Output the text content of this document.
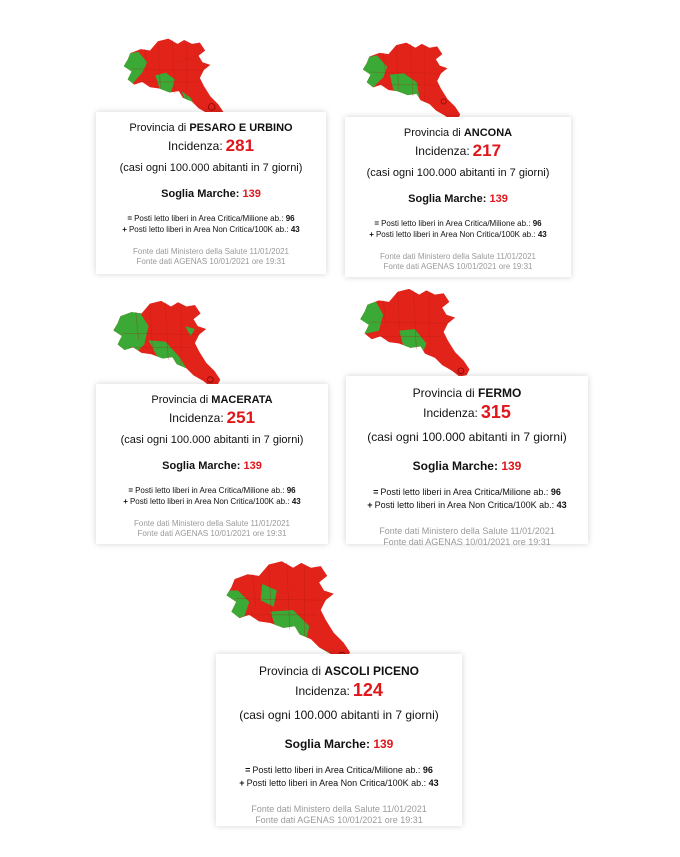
Provincia di PESARO E URBINO
Incidenza: 281
(casi ogni 100.000 abitanti in 7 giorni)
Soglia Marche: 139
= Posti letto liberi in Area Critica/Milione ab.: 96
+ Posti letto liberi in Area Non Critica/100K ab.: 43
Fonte dati Ministero della Salute 11/01/2021
Fonte dati AGENAS 10/01/2021 ore 19:31
Provincia di ANCONA
Incidenza: 217
(casi ogni 100.000 abitanti in 7 giorni)
Soglia Marche: 139
= Posti letto liberi in Area Critica/Milione ab.: 96
+ Posti letto liberi in Area Non Critica/100K ab.: 43
Fonte dati Ministero della Salute 11/01/2021
Fonte dati AGENAS 10/01/2021 ore 19:31
Provincia di MACERATA
Incidenza: 251
(casi ogni 100.000 abitanti in 7 giorni)
Soglia Marche: 139
= Posti letto liberi in Area Critica/Milione ab.: 96
+ Posti letto liberi in Area Non Critica/100K ab.: 43
Fonte dati Ministero della Salute 11/01/2021
Fonte dati AGENAS 10/01/2021 ore 19:31
Provincia di FERMO
Incidenza: 315
(casi ogni 100.000 abitanti in 7 giorni)
Soglia Marche: 139
= Posti letto liberi in Area Critica/Milione ab.: 96
+ Posti letto liberi in Area Non Critica/100K ab.: 43
Fonte dati Ministero della Salute 11/01/2021
Fonte dati AGENAS 10/01/2021 ore 19:31
Provincia di ASCOLI PICENO
Incidenza: 124
(casi ogni 100.000 abitanti in 7 giorni)
Soglia Marche: 139
= Posti letto liberi in Area Critica/Milione ab.: 96
+ Posti letto liberi in Area Non Critica/100K ab.: 43
Fonte dati Ministero della Salute 11/01/2021
Fonte dati AGENAS 10/01/2021 ore 19:31
